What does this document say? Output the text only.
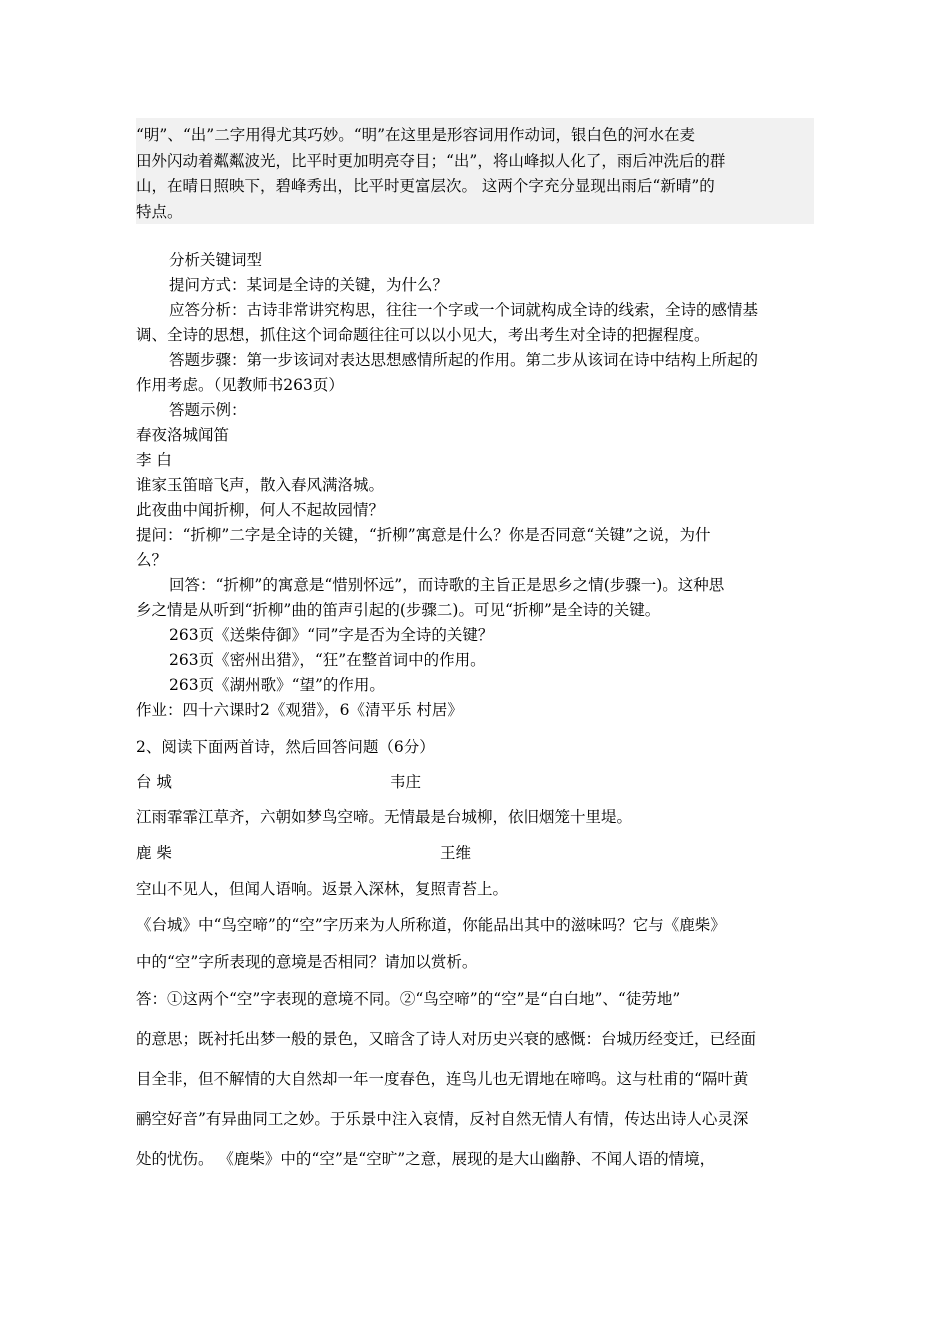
“明”、“出”二字用得尤其巧妙。“明”在这里是形容词用作动词，银白色的河水在麦
田外闪动着粼粼波光，比平时更加明亮夺目；“出”，将山峰拟人化了，雨后冲洗后的群
山，在晴日照映下，碧峰秀出，比平时更富层次。 这两个字充分显现出雨后“新晴”的
特点。
分析关键词型
提问方式：某词是全诗的关键，为什么？
应答分析：古诗非常讲究构思，往往一个字或一个词就构成全诗的线索，全诗的感情基
调、全诗的思想，抓住这个词命题往往可以以小见大，考出考生对全诗的把握程度。
答题步骤：第一步该词对表达思想感情所起的作用。第二步从该词在诗中结构上所起的
作用考虑。（见教师书263页）
答题示例：
春夜洛城闻笛
李 白
谁家玉笛暗飞声，散入春风满洛城。
此夜曲中闻折柳，何人不起故园情？
提问：“折柳”二字是全诗的关键，“折柳”寓意是什么？你是否同意“关键”之说，为什
么？
回答：“折柳”的寓意是“惜别怀远”，而诗歌的主旨正是思乡之情(步骤一)。这种思
乡之情是从听到“折柳”曲的笛声引起的(步骤二)。可见“折柳”是全诗的关键。
263页《送柴侍御》“同”字是否为全诗的关键？
263页《密州出猎》，“狂”在整首词中的作用。
263页《湖州歌》“望”的作用。
作业：四十六课时2《观猎》，6《清平乐 村居》
2、阅读下面两首诗，然后回答问题（6分）
台 城	韦庄
江雨霏霏江草齐，六朝如梦鸟空啼。无情最是台城柳，依旧烟笼十里堤。
鹿 柴	王维
空山不见人，但闻人语响。返景入深林，复照青苔上。
《台城》中“鸟空啼”的“空”字历来为人所称道，你能品出其中的滋味吗？它与《鹿柴》
中的“空”字所表现的意境是否相同？请加以赏析。
答：①这两个“空”字表现的意境不同。②“鸟空啼”的“空”是“白白地”、“徒劳地”
的意思；既衬托出梦一般的景色，又暗含了诗人对历史兴衰的感慨：台城历经变迁，已经面
目全非，但不解情的大自然却一年一度春色，连鸟儿也无谓地在啼鸣。这与杜甫的“隔叶黄
鹂空好音”有异曲同工之妙。于乐景中注入哀情，反衬自然无情人有情，传达出诗人心灵深
处的忧伤。 《鹿柴》中的“空”是“空旷”之意，展现的是大山幽静、不闻人语的情境，
